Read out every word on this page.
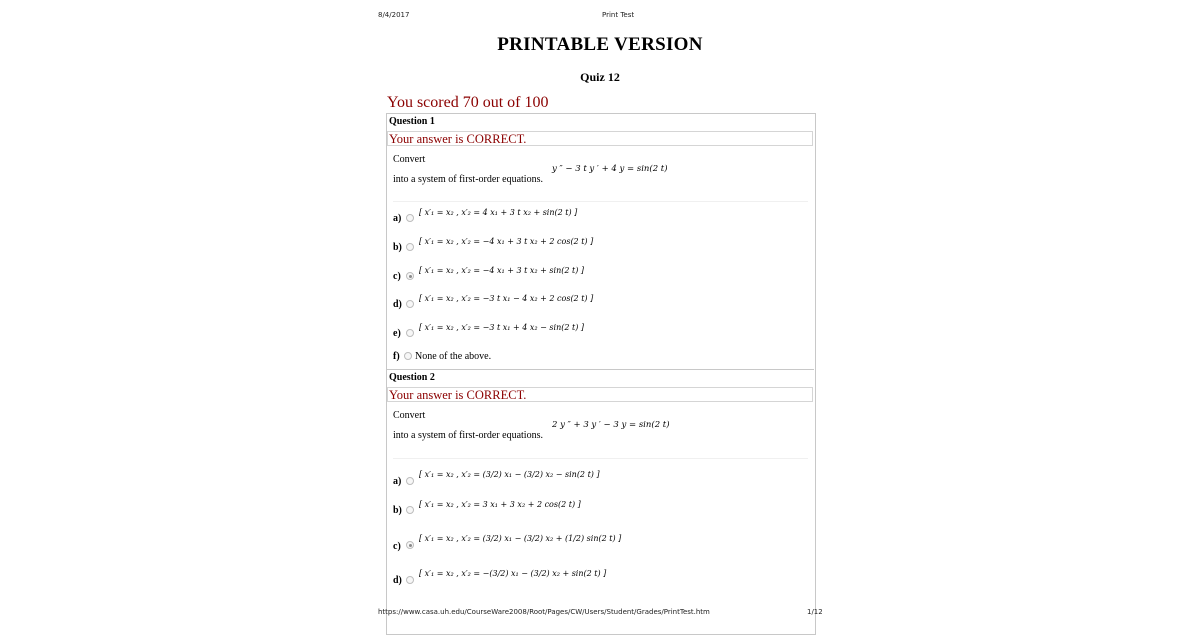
8/4/2017	Print Test
PRINTABLE VERSION
Quiz 12
You scored 70 out of 100
Question 1
Your answer is CORRECT.
Convert
y ″ − 3 t y ′ + 4 y = sin(2 t)
into a system of first-order equations.
a)
[ x′₁ = x₂ , x′₂ = 4 x₁ + 3 t x₂ + sin(2 t) ]
b)
[ x′₁ = x₂ , x′₂ = −4 x₁ + 3 t x₂ + 2 cos(2 t) ]
c)
[ x′₁ = x₂ , x′₂ = −4 x₁ + 3 t x₂ + sin(2 t) ]
d)
[ x′₁ = x₂ , x′₂ = −3 t x₁ − 4 x₂ + 2 cos(2 t) ]
e)
[ x′₁ = x₂ , x′₂ = −3 t x₁ + 4 x₂ − sin(2 t) ]
f) None of the above.
Question 2
Your answer is CORRECT.
Convert
2 y ″ + 3 y ′ − 3 y = sin(2 t)
into a system of first-order equations.
a)
[ x′₁ = x₂ , x′₂ = (3/2) x₁ − (3/2) x₂ − sin(2 t) ]
b)
[ x′₁ = x₂ , x′₂ = 3 x₁ + 3 x₂ + 2 cos(2 t) ]
c)
[ x′₁ = x₂ , x′₂ = (3/2) x₁ − (3/2) x₂ + (1/2) sin(2 t) ]
d)
[ x′₁ = x₂ , x′₂ = −(3/2) x₁ − (3/2) x₂ + sin(2 t) ]
https://www.casa.uh.edu/CourseWare2008/Root/Pages/CW/Users/Student/Grades/PrintTest.htm	1/12
